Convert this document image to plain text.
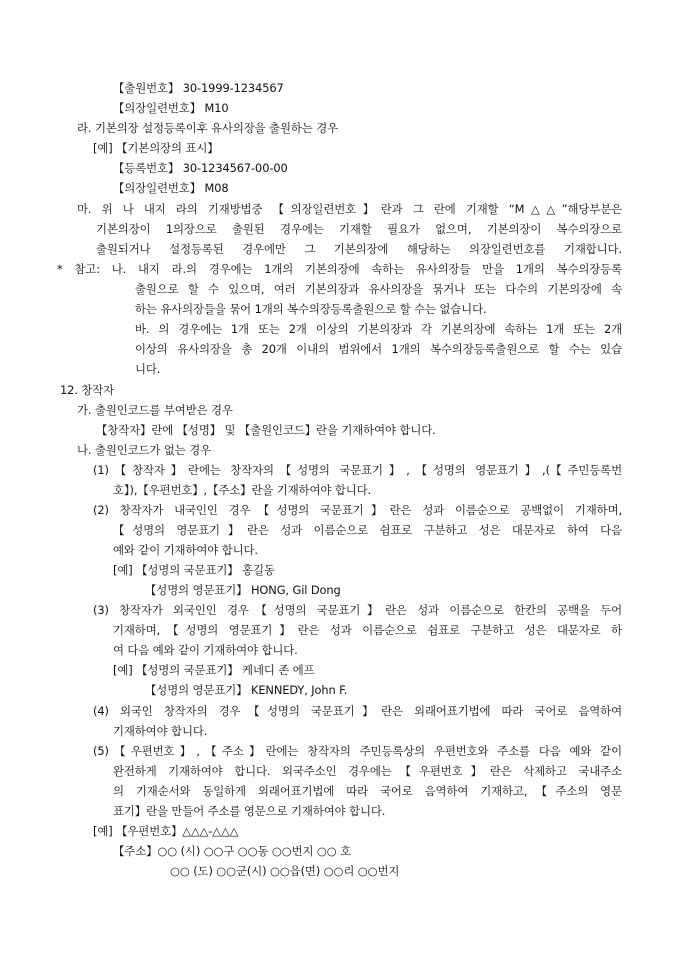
【출원번호】 30-1999-1234567
【의장일련번호】 M10
라. 기본의장 설정등록이후 유사의장을 출원하는 경우
[예] 【기본의장의 표시】
【등록번호】 30-1234567-00-00
【의장일련번호】 M08
마. 위 나 내지 라의 기재방법중 【의장일련번호】란과 그 란에 기재할 “M△△”해당부분은
기본의장이 1의장으로 출원된 경우에는 기재할 필요가 없으며, 기본의장이 복수의장으로
출원되거나 설정등록된 경우에만 그 기본의장에 해당하는 의장일련번호를 기재합니다.
* 참고: 나. 내지 라.의 경우에는 1개의 기본의장에 속하는 유사의장들 만을 1개의 복수의장등록
출원으로 할 수 있으며, 여러 기본의장과 유사의장을 묶거나 또는 다수의 기본의장에 속
하는 유사의장들을 묶어 1개의 복수의장등록출원으로 할 수는 없습니다.
바. 의 경우에는 1개 또는 2개 이상의 기본의장과 각 기본의장에 속하는 1개 또는 2개
이상의 유사의장을 총 20개 이내의 범위에서 1개의 복수의장등록출원으로 할 수는 있습
니다.
12. 창작자
가. 출원인코드를 부여받은 경우
【창작자】란에 【성명】 및 【출원인코드】란을 기재하여야 합니다.
나. 출원인코드가 없는 경우
(1)【창작자】란에는 창작자의【성명의 국문표기】,【성명의 영문표기】,(【주민등록번
호】),【우편번호】,【주소】란을 기재하여야 합니다.
(2) 창작자가 내국인인 경우【성명의 국문표기】란은 성과 이름순으로 공백없이 기재하며,
【성명의 영문표기】란은 성과 이름순으로 쉼표로 구분하고 성은 대문자로 하여 다음
예와 같이 기재하여야 합니다.
[예] 【성명의 국문표기】 홍길동
【성명의 영문표기】 HONG, Gil Dong
(3) 창작자가 외국인인 경우【성명의 국문표기】란은 성과 이름순으로 한칸의 공백을 두어
기재하며,【성명의 영문표기】란은 성과 이름순으로 쉼표로 구분하고 성은 대문자로 하
여 다음 예와 같이 기재하여야 합니다.
[예] 【성명의 국문표기】 케네디 존 에프
【성명의 영문표기】 KENNEDY, John F.
(4) 외국인 창작자의 경우【성명의 국문표기】란은 외래어표기법에 따라 국어로 음역하여
기재하여야 합니다.
(5)【우편번호】,【주소】란에는 창작자의 주민등록상의 우편번호와 주소를 다음 예와 같이
완전하게 기재하여야 합니다. 외국주소인 경우에는【우편번호】란은 삭제하고 국내주소
의 기재순서와 동일하게 외래어표기법에 따라 국어로 음역하여 기재하고,【주소의 영문
표기】란을 만들어 주소를 영문으로 기재하여야 합니다.
[예] 【우편번호】△△△-△△△
【주소】○○ (시) ○○구 ○○동 ○○번지 ○○ 호
○○ (도) ○○군(시) ○○읍(면) ○○리 ○○번지
